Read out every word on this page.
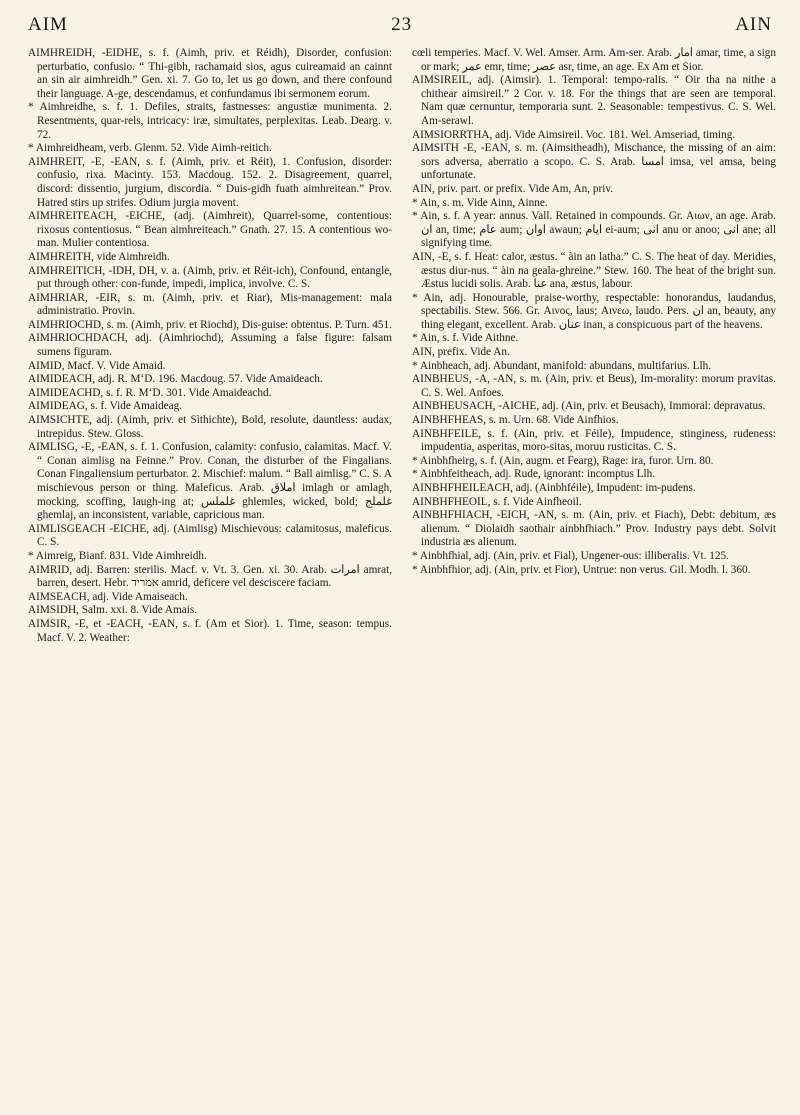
AIM	23	AIN

AIMHREIDH, -EIDHE, s. f. (Aimh, priv. et Réidh), Disorder, confusion: perturbatio, confusio. “ Thi-gibh, rachamaid sios, agus cuireamaid an cainnt an sin air aimhreidh.” Gen. xi. 7. Go to, let us go down, and there confound their language. A-ge, descendamus, et confundamus ibi sermonem eorum.

* Aimhreidhe, s. f. 1. Defiles, straits, fastnesses: angustiæ munimenta. 2. Resentments, quar-rels, intricacy: iræ, simultates, perplexitas. Leab. Dearg. v. 72.

* Aimhreidheam, verb. Glenm. 52. Vide Aimh-reitich.

AIMHREIT, -E, -EAN, s. f. (Aimh, priv. et Réit), 1. Confusion, disorder: confusio, rixa. Macinty. 153. Macdoug. 152. 2. Disagreement, quarrel, discord: dissentio, jurgium, discordia. “ Duis-gidh fuath aimhreitean.” Prov. Hatred stirs up strifes. Odium jurgia movent.

AIMHREITEACH, -EICHE, (adj. (Aimhreit), Quarrel-some, contentious: rixosus contentiosus. “ Bean aimhreiteach.” Gnath. 27. 15. A contentious wo-man. Mulier contentiosa.

AIMHREITH, vide Aimhreidh.

AIMHREITICH, -IDH, DH, v. a. (Aimh, priv. et Réit-ich), Confound, entangle, put through other: con-funde, impedi, implica, involve. C. S.

AIMHRIAR, -EIR, s. m. (Aimh, priv. et Riar), Mis-management: mala administratio. Provin.

AIMHRIOCHD, s. m. (Aimh, priv. et Riochd), Dis-guise: obtentus. P. Turn. 451.

AIMHRIOCHDACH, adj. (Aimhriochd), Assuming a false figure: falsam sumens figuram.

AIMID, Macf. V. Vide Amaid.

AIMIDEACH, adj. R. M‘D. 196. Macdoug. 57. Vide Amaideach.

AIMIDEACHD, s. f. R. M‘D. 301. Vide Amaideachd.

AIMIDEAG, s. f. Vide Amaideag.

AIMSICHTE, adj. (Aimh, priv. et Sìthichte), Bold, resolute, dauntless: audax, intrepidus. Stew. Gloss.

AIMLISG, -E, -EAN, s. f. 1. Confusion, calamity: confusio, calamitas. Macf. V. “ Conan aimlisg na Feinne.” Prov. Conan, the disturber of the Fingalians. Conan Fingaliensium perturbator. 2. Mischief: malum. “ Ball aimlisg.” C. S. A mischievous person or thing. Maleficus. Arab. املاق imlagh or amlagh, mocking, scoffing, laugh-ing at; غلملس ghlemles, wicked, bold; غلملج ghemlaj, an inconsistent, variable, capricious man.

AIMLISGEACH -EICHE, adj. (Aimlisg) Mischievous: calamitosus, maleficus. C. S.

* Aimreig, Bianf. 831. Vide Aimhreidh.

AIMRID, adj. Barren: sterilis. Macf. v. Vt. 3. Gen. xi. 30. Arab. امرات amrat, barren, desert. Hebr. אמריד amrid, deficere vel desciscere faciam.

AIMSEACH, adj. Vide Amaiseach.

AIMSIDH, Salm. xxi. 8. Vide Amais.

AIMSIR, -E, et -EACH, -EAN, s. f. (Am et Sior). 1. Time, season: tempus. Macf. V. 2. Weather:

cœli temperies. Macf. V. Wel. Amser. Arm. Am-ser. Arab. امار amar, time, a sign or mark; عمر emr, time; عصر asr, time, an age. Ex Am et Sior.

AIMSIREIL, adj. (Aimsir). 1. Temporal: tempo-ralis. “ Oir tha na nithe a chithear aimsireil.” 2 Cor. v. 18. For the things that are seen are temporal. Nam quæ cernuntur, temporaria sunt. 2. Seasonable: tempestivus. C. S. Wel. Am-serawl.

AIMSIORRTHA, adj. Vide Aimsireil. Voc. 181. Wel. Amseriad, timing.

AIMSITH -E, -EAN, s. m. (Aimsitheadh), Mischance, the missing of an aim: sors adversa, aberratio a scopo. C. S. Arab. امسا imsa, vel amsa, being unfortunate.

AIN, priv. part. or prefix. Vide Am, An, priv.

* Ain, s. m. Vide Ainn, Ainne.

* Ain, s. f. A year: annus. Vall. Retained in compounds. Gr. Αιων, an age. Arab. ان an, time; عام aum; اوان awaun; ايام ei-aum; انى anu or anoo; انى ane; all signifying time.

AIN, -E, s. f. Heat: calor, æstus. “ àin an latha.” C. S. The heat of day. Meridies, æstus diur-nus. “ àin na geala-ghreine.” Stew. 160. The heat of the bright sun. Æstus lucidi solis. Arab. عنا ana, æstus, labour.

* Ain, adj. Honourable, praise-worthy, respectable: honorandus, laudandus, spectabilis. Stew. 566. Gr. Αινος, laus; Αινεω, laudo. Pers. ان an, beauty, any thing elegant, excellent. Arab. عنان inan, a conspicuous part of the heavens.

* Ain, s. f. Vide Aithne.

AIN, prefix. Vide An.

* Ainbheach, adj. Abundant, manifold: abundans, multifarius. Llh.

AINBHEUS, -A, -AN, s. m. (Ain, priv. et Beus), Im-morality: morum pravitas. C. S. Wel. Anfoes.

AINBHEUSACH, -AICHE, adj. (Ain, priv. et Beusach), Immoral: depravatus.

AINBHFHEAS, s. m. Urn. 68. Vide Ainfhios.

AINBHFEILE, s. f. (Ain, priv. et Féile), Impudence, stinginess, rudeness: impudentia, asperitas, moro-sitas, moruu rusticitas. C. S.

* Ainbhfheirg, s. f. (Ain, augm. et Fearg), Rage: ira, furor. Urn. 80.

* Ainbhfeitheach, adj. Rude, ignorant: incomptus Llh.

AINBHFHEILEACH, adj. (Ainbhféile), Impudent: im-pudens.

AINBHFHEOIL, s. f. Vide Ainfheoil.

AINBHFHIACH, -EICH, -AN, s. m. (Ain, priv. et Fiach), Debt: debitum, æs alienum. “ Diolaidh saothair ainbhfhiach.” Prov. Industry pays debt. Solvit industria æs alienum.

* Ainbhfhial, adj. (Ain, priv. et Fial), Ungener-ous: illiberalis. Vt. 125.

* Ainbhfhior, adj. (Ain, priv. et Fior), Untrue: non verus. Gil. Modh. l. 360.
